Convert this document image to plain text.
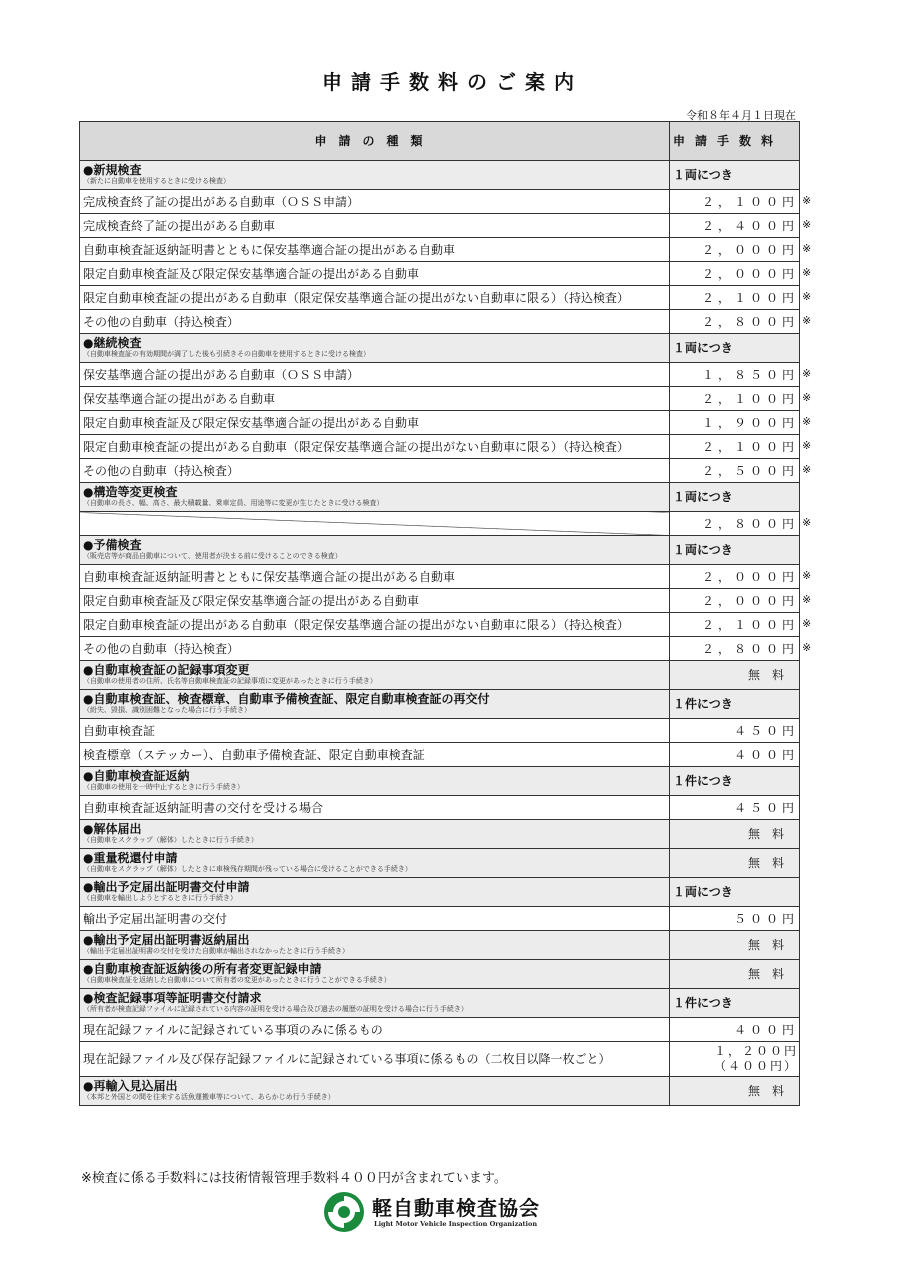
申請手数料のご案内
令和８年４月１日現在
申請の種類	申請手数料

●新規検査
（新たに自動車を使用するときに受ける検査）	１両につき
完成検査終了証の提出がある自動車（ＯＳＳ申請）	２，１００円 ※

完成検査終了証の提出がある自動車	２，４００円 ※

自動車検査証返納証明書とともに保安基準適合証の提出がある自動車	２，０００円 ※

限定自動車検査証及び限定保安基準適合証の提出がある自動車	２，０００円 ※

限定自動車検査証の提出がある自動車（限定保安基準適合証の提出がない自動車に限る）（持込検査）	２，１００円 ※

その他の自動車（持込検査）	２，８００円 ※

●継続検査
（自動車検査証の有効期間が満了した後も引続きその自動車を使用するときに受ける検査）	１両につき
保安基準適合証の提出がある自動車（ＯＳＳ申請）	１，８５０円 ※

保安基準適合証の提出がある自動車	２，１００円 ※

限定自動車検査証及び限定保安基準適合証の提出がある自動車	１，９００円 ※

限定自動車検査証の提出がある自動車（限定保安基準適合証の提出がない自動車に限る）（持込検査）	２，１００円 ※

その他の自動車（持込検査）	２，５００円 ※

●構造等変更検査
（自動車の長さ、幅、高さ、最大積載量、乗車定員、用途等に変更が生じたときに受ける検査）	１両につき
	２，８００円 ※

●予備検査
（販売店等が商品自動車について、使用者が決まる前に受けることのできる検査）	１両につき
自動車検査証返納証明書とともに保安基準適合証の提出がある自動車	２，０００円 ※

限定自動車検査証及び限定保安基準適合証の提出がある自動車	２，０００円 ※

限定自動車検査証の提出がある自動車（限定保安基準適合証の提出がない自動車に限る）（持込検査）	２，１００円 ※

その他の自動車（持込検査）	２，８００円 ※

●自動車検査証の記録事項変更
（自動車の使用者の住所、氏名等自動車検査証の記録事項に変更があったときに行う手続き）	無料

●自動車検査証、検査標章、自動車予備検査証、限定自動車検査証の再交付
（紛失、毀損、識別困難となった場合に行う手続き）	１件につき
自動車検査証	４５０円
検査標章（ステッカー）、自動車予備検査証、限定自動車検査証	４００円

●自動車検査証返納
（自動車の使用を一時中止するときに行う手続き）	１件につき
自動車検査証返納証明書の交付を受ける場合	４５０円

●解体届出
（自動車をスクラップ（解体）したときに行う手続き）	無料

●重量税還付申請
（自動車をスクラップ（解体）したときに車検残存期間が残っている場合に受けることができる手続き）	無料

●輸出予定届出証明書交付申請
（自動車を輸出しようとするときに行う手続き）	１両につき
輸出予定届出証明書の交付	５００円

●輸出予定届出証明書返納届出
（輸出予定届出証明書の交付を受けた自動車が輸出されなかったときに行う手続き）	無料

●自動車検査証返納後の所有者変更記録申請
（自動車検査証を返納した自動車について所有者の変更があったときに行うことができる手続き）	無料

●検査記録事項等証明書交付請求
（所有者が検査記録ファイルに記録されている内容の証明を受ける場合及び過去の履歴の証明を受ける場合に行う手続き）	１件につき
現在記録ファイルに記録されている事項のみに係るもの	４００円
現在記録ファイル及び保存記録ファイルに記録されている事項に係るもの（二枚目以降一枚ごと）	１，２００円
（４００円）

●再輸入見込届出
（本邦と外国との間を往来する活魚運搬車等について、あらかじめ行う手続き）	無料
※検査に係る手数料には技術情報管理手数料４００円が含まれています。
軽自動車検査協会
Light Motor Vehicle Inspection Organization
